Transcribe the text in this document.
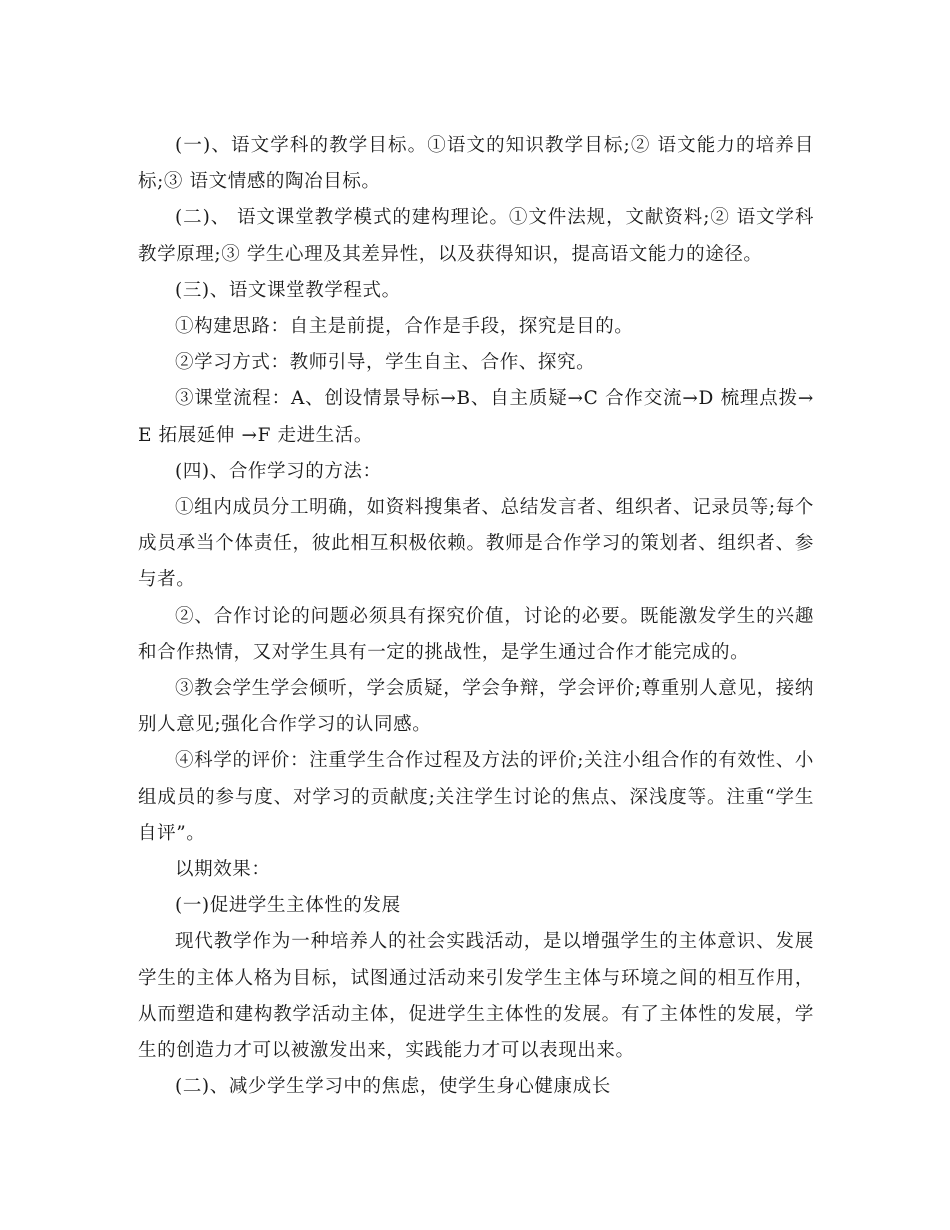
(一)、语文学科的教学目标。①语文的知识教学目标;② 语文能力的培养目标;③ 语文情感的陶冶目标。

(二)、 语文课堂教学模式的建构理论。①文件法规，文献资料;② 语文学科教学原理;③ 学生心理及其差异性，以及获得知识，提高语文能力的途径。

(三)、语文课堂教学程式。

①构建思路：自主是前提，合作是手段，探究是目的。

②学习方式：教师引导，学生自主、合作、探究。

③课堂流程：A、创设情景导标→B、自主质疑→C 合作交流→D 梳理点拨→E 拓展延伸 →F 走进生活。

(四)、合作学习的方法：

①组内成员分工明确，如资料搜集者、总结发言者、组织者、记录员等;每个成员承当个体责任，彼此相互积极依赖。教师是合作学习的策划者、组织者、参与者。

②、合作讨论的问题必须具有探究价值，讨论的必要。既能激发学生的兴趣和合作热情，又对学生具有一定的挑战性，是学生通过合作才能完成的。

③教会学生学会倾听，学会质疑，学会争辩，学会评价;尊重别人意见，接纳别人意见;强化合作学习的认同感。

④科学的评价：注重学生合作过程及方法的评价;关注小组合作的有效性、小组成员的参与度、对学习的贡献度;关注学生讨论的焦点、深浅度等。注重“学生自评”。

以期效果：

(一)促进学生主体性的发展

现代教学作为一种培养人的社会实践活动，是以增强学生的主体意识、发展学生的主体人格为目标，试图通过活动来引发学生主体与环境之间的相互作用，从而塑造和建构教学活动主体，促进学生主体性的发展。有了主体性的发展，学生的创造力才可以被激发出来，实践能力才可以表现出来。

(二)、减少学生学习中的焦虑，使学生身心健康成长
